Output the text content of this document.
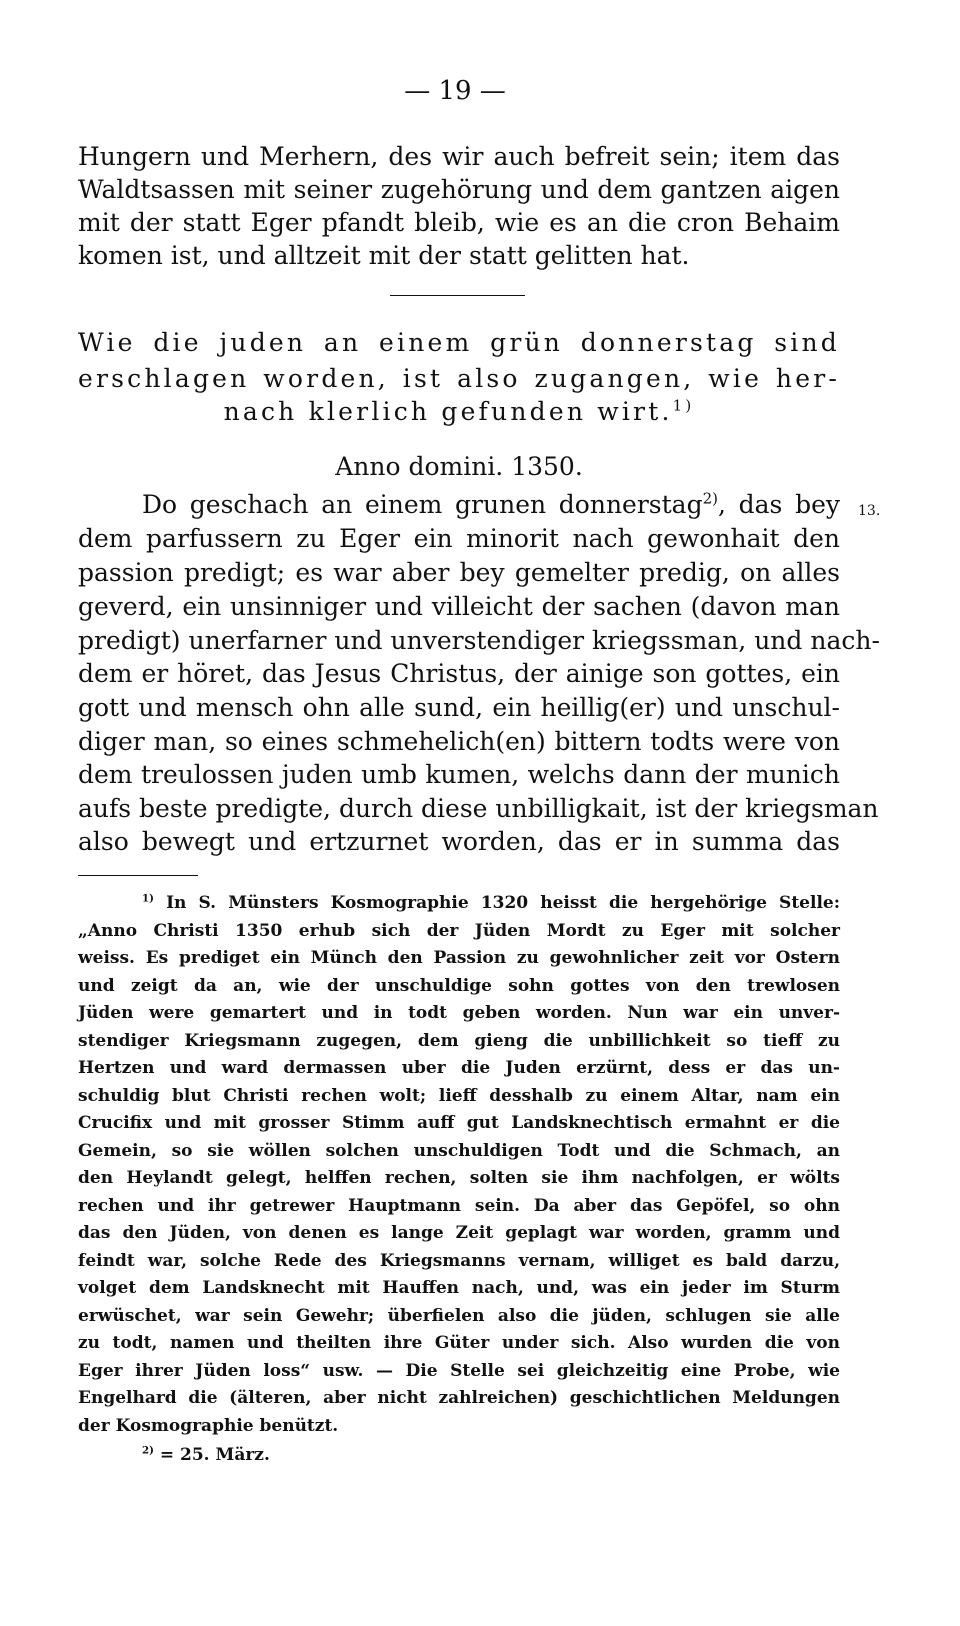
— 19 —
Hungern und Merhern, des wir auch befreit sein; item das
Waldtsassen mit seiner zugehörung und dem gantzen aigen
mit der statt Eger pfandt bleib, wie es an die cron Behaim
komen ist, und alltzeit mit der statt gelitten hat.
Wie die juden an einem grün donnerstag sind
erschlagen worden, ist also zugangen, wie her-
nach klerlich gefunden wirt.$^{1)}$
Anno domini. 1350.
Do geschach an einem grunen donnerstag$^{2)}$, das bey 13.
dem parfussern zu Eger ein minorit nach gewonhait den
passion predigt; es war aber bey gemelter predig, on alles
geverd, ein unsinniger und villeicht der sachen (davon man
predigt) unerfarner und unverstendiger kriegssman, und nach-
dem er höret, das Jesus Christus, der ainige son gottes, ein
gott und mensch ohn alle sund, ein heillig(er) und unschul-
diger man, so eines schmehelich(en) bittern todts were von
dem treulossen juden umb kumen, welchs dann der munich
aufs beste predigte, durch diese unbilligkait, ist der kriegsman
also bewegt und ertzurnet worden, das er in summa das
$^{1)}$ In S. Münsters Kosmographie 1320 heisst die hergehörige Stelle:
„Anno Christi 1350 erhub sich der Jüden Mordt zu Eger mit solcher
weiss. Es prediget ein Münch den Passion zu gewohnlicher zeit vor Ostern
und zeigt da an, wie der unschuldige sohn gottes von den trewlosen
Jüden were gemartert und in todt geben worden. Nun war ein unver-
stendiger Kriegsmann zugegen, dem gieng die unbillichkeit so tieff zu
Hertzen und ward dermassen uber die Juden erzürnt, dess er das un-
schuldig blut Christi rechen wolt; lieff desshalb zu einem Altar, nam ein
Crucifix und mit grosser Stimm auff gut Landsknechtisch ermahnt er die
Gemein, so sie wöllen solchen unschuldigen Todt und die Schmach, an
den Heylandt gelegt, helffen rechen, solten sie ihm nachfolgen, er wölts
rechen und ihr getrewer Hauptmann sein. Da aber das Gepöfel, so ohn
das den Jüden, von denen es lange Zeit geplagt war worden, gramm und
feindt war, solche Rede des Kriegsmanns vernam, williget es bald darzu,
volget dem Landsknecht mit Hauffen nach, und, was ein jeder im Sturm
erwüschet, war sein Gewehr; überfielen also die jüden, schlugen sie alle
zu todt, namen und theilten ihre Güter under sich. Also wurden die von
Eger ihrer Jüden loss“ usw. — Die Stelle sei gleichzeitig eine Probe, wie
Engelhard die (älteren, aber nicht zahlreichen) geschichtlichen Meldungen
der Kosmographie benützt.
$^{2)}$ = 25. März.
